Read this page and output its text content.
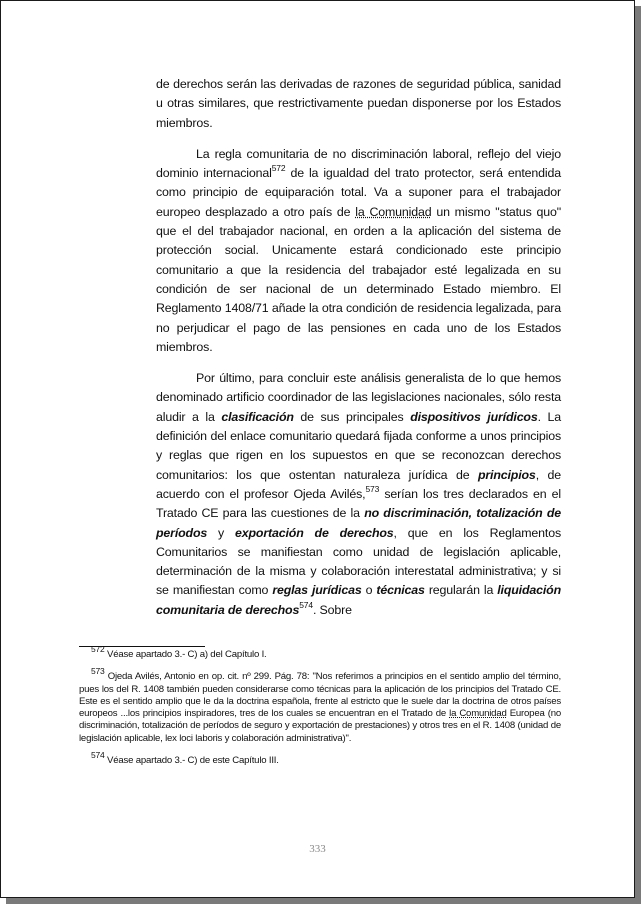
de derechos serán las derivadas de razones de seguridad pública, sanidad u otras similares, que restrictivamente puedan disponerse por los Estados miembros.

La regla comunitaria de no discriminación laboral, reflejo del viejo dominio internacional$^{572}$ de la igualdad del trato protector, será entendida como principio de equiparación total. Va a suponer para el trabajador europeo desplazado a otro país de la Comunidad un mismo "status quo" que el del trabajador nacional, en orden a la aplicación del sistema de protección social. Unicamente estará condicionado este principio comunitario a que la residencia del trabajador esté legalizada en su condición de ser nacional de un determinado Estado miembro. El Reglamento 1408/71 añade la otra condición de residencia legalizada, para no perjudicar el pago de las pensiones en cada uno de los Estados miembros.

Por último, para concluir este análisis generalista de lo que hemos denominado artificio coordinador de las legislaciones nacionales, sólo resta aludir a la clasificación de sus principales dispositivos jurídicos. La definición del enlace comunitario quedará fijada conforme a unos principios y reglas que rigen en los supuestos en que se reconozcan derechos comunitarios: los que ostentan naturaleza jurídica de principios, de acuerdo con el profesor Ojeda Avilés,$^{573}$ serían los tres declarados en el Tratado CE para las cuestiones de la no discriminación, totalización de períodos y exportación de derechos, que en los Reglamentos Comunitarios se manifiestan como unidad de legislación aplicable, determinación de la misma y colaboración interestatal administrativa; y si se manifiestan como reglas jurídicas o técnicas regularán la liquidación comunitaria de derechos$^{574}$. Sobre

$^{572}$ Véase apartado 3.- C) a) del Capítulo I.

$^{573}$ Ojeda Avilés, Antonio en op. cit. nº 299. Pág. 78: "Nos referimos a principios en el sentido amplio del término, pues los del R. 1408 también pueden considerarse como técnicas para la aplicación de los principios del Tratado CE. Este es el sentido amplio que le da la doctrina española, frente al estricto que le suele dar la doctrina de otros países europeos ...los principios inspiradores, tres de los cuales se encuentran en el Tratado de la Comunidad Europea (no discriminación, totalización de períodos de seguro y exportación de prestaciones) y otros tres en el R. 1408 (unidad de legislación aplicable, lex loci laboris y colaboración administrativa)".

$^{574}$ Véase apartado 3.- C) de este Capítulo III.

333
